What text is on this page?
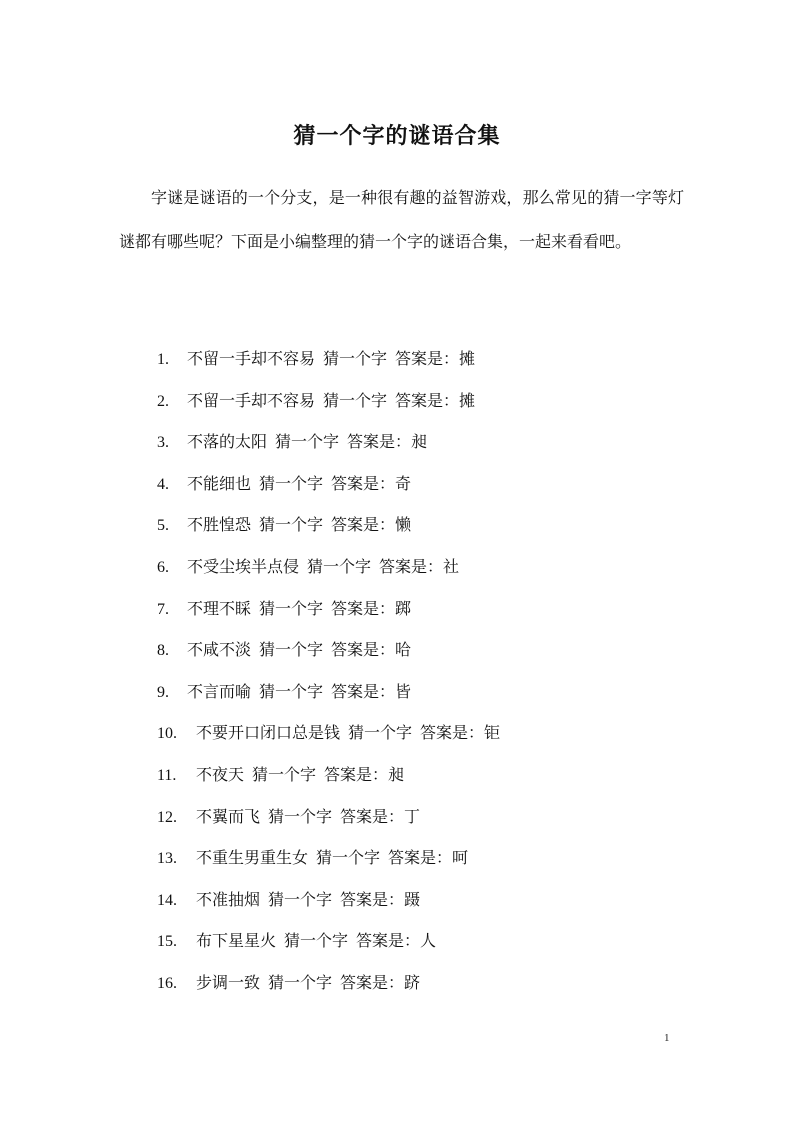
猜一个字的谜语合集
字谜是谜语的一个分支，是一种很有趣的益智游戏，那么常见的猜一字等灯谜都有哪些呢？下面是小编整理的猜一个字的谜语合集，一起来看看吧。
1. 不留一手却不容易 猜一个字 答案是：摊
2. 不留一手却不容易 猜一个字 答案是：摊
3. 不落的太阳 猜一个字 答案是：昶
4. 不能细也 猜一个字 答案是：奇
5. 不胜惶恐 猜一个字 答案是：懒
6. 不受尘埃半点侵 猜一个字 答案是：社
7. 不理不睬 猜一个字 答案是：踯
8. 不咸不淡 猜一个字 答案是：哈
9. 不言而喻 猜一个字 答案是：皆
10. 不要开口闭口总是钱 猜一个字 答案是：钜
11. 不夜天 猜一个字 答案是：昶
12. 不翼而飞 猜一个字 答案是：丁
13. 不重生男重生女 猜一个字 答案是：呵
14. 不准抽烟 猜一个字 答案是：蹑
15. 布下星星火 猜一个字 答案是：人
16. 步调一致 猜一个字 答案是：跻
1
